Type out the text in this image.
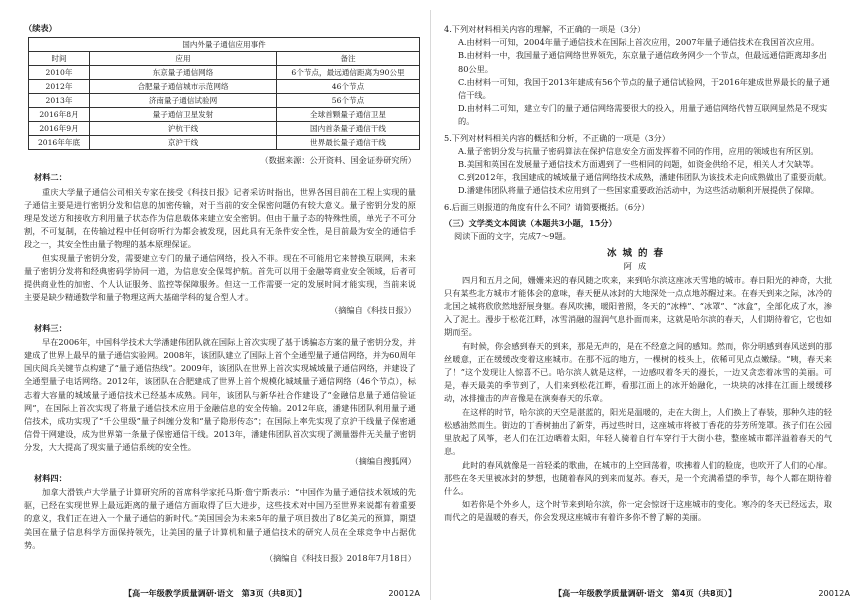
（续表）
国内外量子通信应用事件
时间	应用	备注
2010年	东京量子通信网络	6个节点，最远通信距离为90公里
2012年	合肥量子通信城市示范网络	46个节点
2013年	济南量子通信试验网	56个节点
2016年8月	量子通信卫星发射	全球首颗量子通信卫星
2016年9月	沪杭干线	国内首条量子通信干线
2016年年底	京沪干线	世界最长量子通信干线
（数据来源：公开资料、国金证券研究所）
材料二：

重庆大学量子通信公司相关专家在接受《科技日报》记者采访时指出，世界各国目前在工程上实现的量子通信主要是进行密钥分发和信息的加密传输，对于当前的安全保密问题仍有较大意义。量子密钥分发的原理是发送方和接收方利用量子状态作为信息载体来建立安全密钥。但由于量子态的特殊性质，单光子不可分割，不可复制，在传输过程中任何窃听行为都会被发现，因此具有无条件安全性，是目前最为安全的通信手段之一，其安全性由量子物理的基本原理保证。

但实现量子密钥分发，需要建立专门的量子通信网络，投入不菲。现在不可能用它来替换互联网，未来量子密钥分发将和经典密码学协同一道，为信息安全保驾护航。首先可以用于金融等商业安全领域，后者可提供商业性的加密、个人认证服务、监控等保障服务。但这一工作需要一定的发展时间才能实现，当前来说主要是缺少精通数学和量子物理这两大基础学科的复合型人才。

（摘编自《科技日报》）
材料三：

早在2006年，中国科学技术大学潘建伟团队就在国际上首次实现了基于诱骗态方案的量子密钥分发，并建成了世界上最早的量子通信实验网。2008年，该团队建立了国际上首个全通型量子通信网络，并为60周年国庆阅兵关键节点构建了“量子通信热线”。2009年，该团队在世界上首次实现城域量子通信网络，并建设了全通型量子电话网络。2012年，该团队在合肥建成了世界上首个规模化城域量子通信网络（46个节点），标志着大容量的城域量子通信技术已经基本成熟。同年，该团队与新华社合作建设了“金融信息量子通信验证网”，在国际上首次实现了将量子通信技术应用于金融信息的安全传输。2012年底，潘建伟团队利用量子通信技术，成功实现了“千公里级”量子纠缠分发和“量子隐形传态”；在国际上率先实现了京沪干线量子保密通信骨干网建设，成为世界第一条量子保密通信干线。2013年，潘建伟团队首次实现了测量器件无关量子密钥分发，大大提高了现实量子通信系统的安全性。

（摘编自搜狐网）
材料四：

加拿大滑铁卢大学量子计算研究所的首席科学家托马斯·詹宁斯表示：“中国作为量子通信技术领域的先驱，已经在实现世界上最远距离的量子通信方面取得了巨大进步，这些技术对中国乃至世界来说都有着重要的意义，我们正在进入一个量子通信的新时代。”美国国会为未来5年的量子项目拨出了8亿美元的预算，期望美国在量子信息科学方面保持领先，让美国的量子计算机和量子通信技术的研究人员在全球竞争中占据优势。

（摘编自《科技日报》2018年7月18日）
【高一年级教学质量调研·语文　第3页（共8页）】	20012A
4.下列对材料相关内容的理解，不正确的一项是（3分）
A.由材料一可知，2004年量子通信技术在国际上首次应用，2007年量子通信技术在我国首次应用。
B.由材料一中，我国量子通信网络世界领先，东京量子通信政务网少一个节点，但最远通信距离却多出80公里。
C.由材料一可知，我国于2013年建成有56个节点的量子通信试验网，于2016年建成世界最长的量子通信干线。
D.由材料二可知，建立专门的量子通信网络需要很大的投入，用量子通信网络代替互联网显然是不现实的。
5.下列对材料相关内容的概括和分析，不正确的一项是（3分）
A.量子密钥分发与抗量子密码算法在保护信息安全方面发挥着不同的作用，应用的领域也有所区别。
B.美国和英国在发展量子通信技术方面遇到了一些相同的问题，如资金供给不足，相关人才欠缺等。
C.到2012年，我国建成的城域量子通信网络技术成熟，潘建伟团队为该技术走向成熟做出了重要贡献。
D.潘建伟团队将量子通信技术应用到了一些国家重要政治活动中，为这些活动顺利开展提供了保障。
6.后面三则报道的角度有什么不同？请简要概括。（6分）
（三）文学类文本阅读（本题共3小题，15分）
阅读下面的文字，完成7～9题。
冰城的春
阿成

四月和五月之间，姗姗来迟的春风随之吹来，来到哈尔滨这座冰天雪地的城市。春日阳光的神奇，大批只有某些北方城市才能体会的意味，春天便从冰封的大地深处一点点地苏醒过来。在春天到来之际，冰冷的北国之城将欣欣然地舒展身躯。春风吹拂，暖阳普照，冬天的“冰棒”、“冰罩”、“冰盒”，全部化成了水，渗入了泥土。漫步于松花江畔，冰雪消融的湿润气息扑面而来，这就是哈尔滨的春天，人们期待着它，它也如期而至。

有时候，你会感到春天的到来，那是无声的，是在不经意之间的感知。然而，你分明感到春风送到的那丝暖意，正在缓缓改变着这座城市。在那不远的地方，一棵树的枝头上，依稀可见点点嫩绿。“咦，春天来了！”这个发现让人惊喜不已。哈尔滨人就是这样，一边感叹着冬天的漫长，一边又贪恋着冰雪的美丽。可是，春天最美的季节到了，人们来到松花江畔，看那江面上的冰开始融化，一块块的冰排在江面上缓缓移动，冰排撞击的声音像是在演奏春天的乐章。

在这样的时节，哈尔滨的天空是湛蓝的，阳光是温暖的，走在大街上，人们换上了春装，那种久违的轻松感油然而生。街边的丁香树抽出了新芽，再过些时日，这座城市将被丁香花的芬芳所笼罩。孩子们在公园里放起了风筝，老人们在江边晒着太阳，年轻人骑着自行车穿行于大街小巷，整座城市都洋溢着春天的气息。

此时的春风就像是一首轻柔的歌曲，在城市的上空回荡着，吹拂着人们的脸庞，也吹开了人们的心扉。那些在冬天里被冰封的梦想，也随着春风的到来而复苏。春天，是一个充满希望的季节，每个人都在期待着什么。

如若你是个外乡人，这个时节来到哈尔滨，你一定会惊讶于这座城市的变化。寒冷的冬天已经远去，取而代之的是温暖的春天，你会发现这座城市有着许多你不曾了解的美丽。

【高一年级教学质量调研·语文　第4页（共8页）】	20012A
